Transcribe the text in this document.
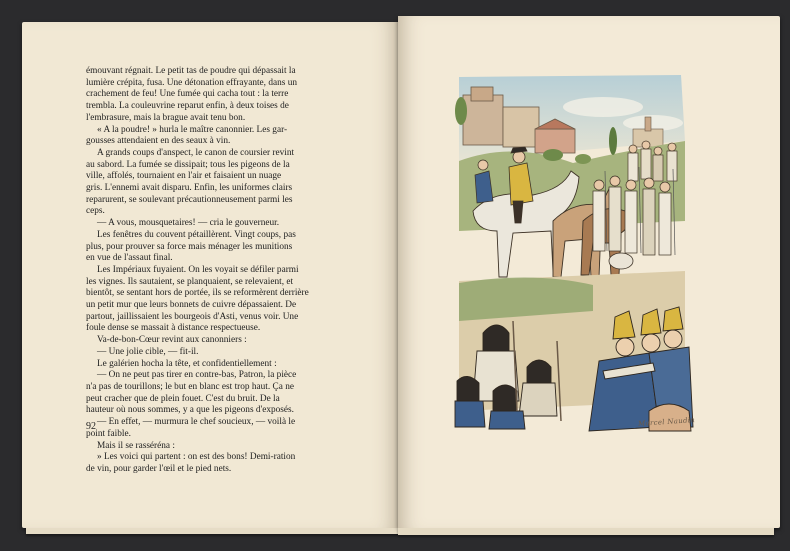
émouvant régnait. Le petit tas de poudre qui dépassait la

lumière crépita, fusa. Une détonation effrayante, dans un

crachement de feu! Une fumée qui cacha tout : la terre

trembla. La couleuvrine reparut enfin, à deux toises de

l'embrasure, mais la brague avait tenu bon.

« A la poudre! » hurla le maître canonnier. Les gar-

gousses attendaient en des seaux à vin.

A grands coups d'anspect, le canon de coursier revint

au sabord. La fumée se dissipait; tous les pigeons de la

ville, affolés, tournaient en l'air et faisaient un nuage

gris. L'ennemi avait disparu. Enfin, les uniformes clairs

reparurent, se soulevant précautionneusement parmi les

ceps.

— A vous, mousquetaires! — cria le gouverneur.

Les fenêtres du couvent pétaillèrent. Vingt coups, pas

plus, pour prouver sa force mais ménager les munitions

en vue de l'assaut final.

Les Impériaux fuyaient. On les voyait se défiler parmi

les vignes. Ils sautaient, se planquaient, se relevaient, et

bientôt, se sentant hors de portée, ils se reformèrent derrière

un petit mur que leurs bonnets de cuivre dépassaient. De

partout, jaillissaient les bourgeois d'Asti, venus voir. Une

foule dense se massait à distance respectueuse.

Va-de-bon-Cœur revint aux canonniers :

— Une jolie cible, — fit-il.

Le galérien hocha la tête, et confidentiellement :

— On ne peut pas tirer en contre-bas, Patron, la pièce

n'a pas de tourillons; le but en blanc est trop haut. Ça ne

peut cracher que de plein fouet. C'est du bruit. De la

hauteur où nous sommes, y a que les pigeons d'exposés.

— En effet, — murmura le chef soucieux, — voilà le

point faible.

Mais il se rasséréna :

» Les voici qui partent : on est des bons! Demi-ration

de vin, pour garder l'œil et le pied nets.

92	Marcel Naudin
